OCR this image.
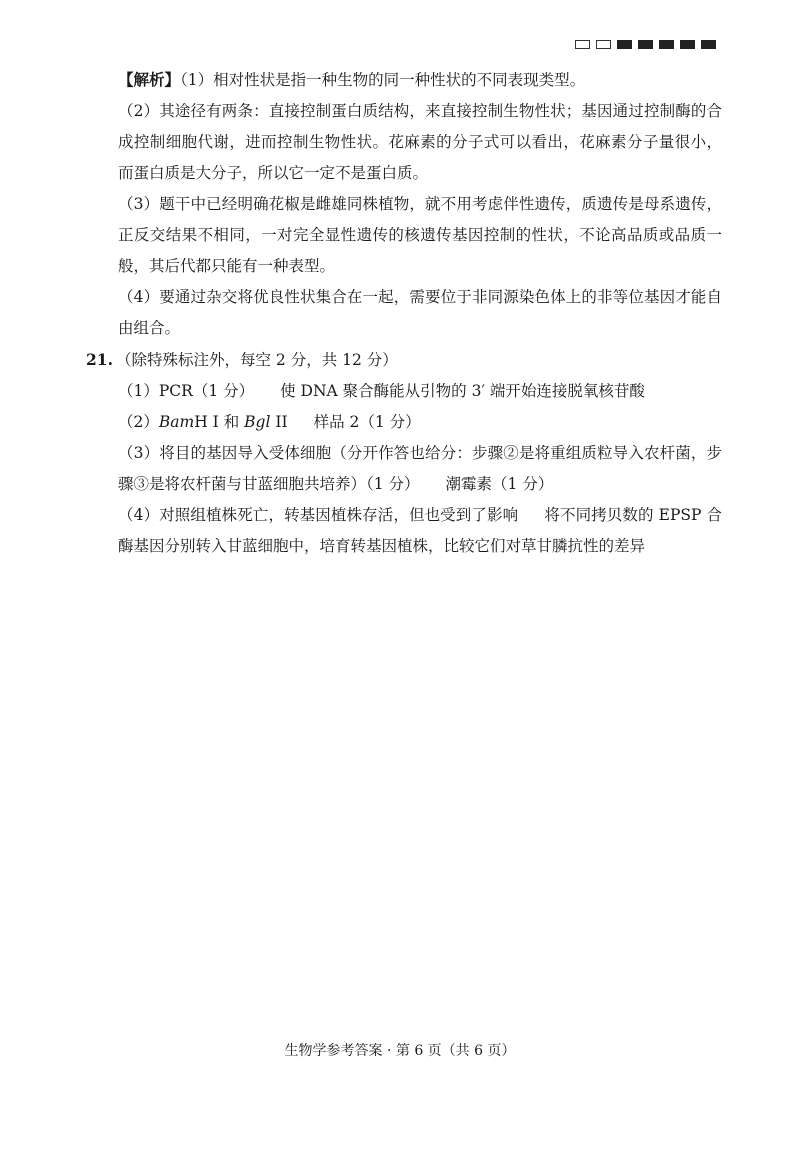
【解析】（1）相对性状是指一种生物的同一种性状的不同表现类型。

（2）其途径有两条：直接控制蛋白质结构，来直接控制生物性状；基因通过控制酶的合成控制细胞代谢，进而控制生物性状。花麻素的分子式可以看出，花麻素分子量很小，而蛋白质是大分子，所以它一定不是蛋白质。

（3）题干中已经明确花椒是雌雄同株植物，就不用考虑伴性遗传，质遗传是母系遗传，正反交结果不相同，一对完全显性遗传的核遗传基因控制的性状，不论高品质或品质一般，其后代都只能有一种表型。

（4）要通过杂交将优良性状集合在一起，需要位于非同源染色体上的非等位基因才能自由组合。

21. （除特殊标注外，每空 2 分，共 12 分）

（1）PCR（1 分） 使 DNA 聚合酶能从引物的 3′ 端开始连接脱氧核苷酸

（2）BamH I 和 Bgl II 样品 2（1 分）

（3）将目的基因导入受体细胞（分开作答也给分：步骤②是将重组质粒导入农杆菌，步骤③是将农杆菌与甘蓝细胞共培养）（1 分） 潮霉素（1 分）

（4）对照组植株死亡，转基因植株存活，但也受到了影响 将不同拷贝数的 EPSP 合酶基因分别转入甘蓝细胞中，培育转基因植株，比较它们对草甘膦抗性的差异

生物学参考答案 · 第 6 页（共 6 页）
